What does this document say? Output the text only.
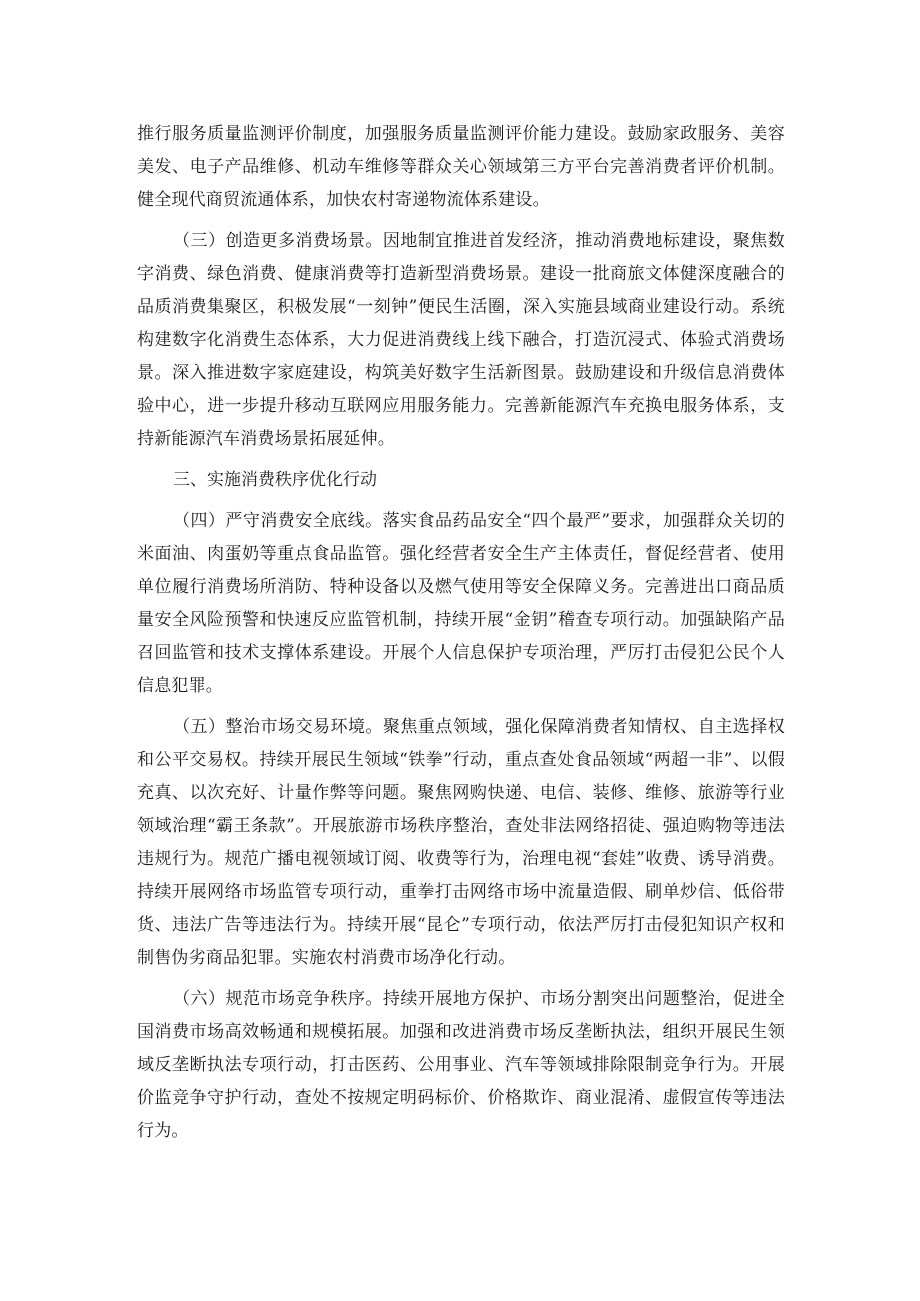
推行服务质量监测评价制度，加强服务质量监测评价能力建设。鼓励家政服务、美容美发、电子产品维修、机动车维修等群众关心领域第三方平台完善消费者评价机制。健全现代商贸流通体系，加快农村寄递物流体系建设。

（三）创造更多消费场景。因地制宜推进首发经济，推动消费地标建设，聚焦数字消费、绿色消费、健康消费等打造新型消费场景。建设一批商旅文体健深度融合的品质消费集聚区，积极发展“一刻钟”便民生活圈，深入实施县域商业建设行动。系统构建数字化消费生态体系，大力促进消费线上线下融合，打造沉浸式、体验式消费场景。深入推进数字家庭建设，构筑美好数字生活新图景。鼓励建设和升级信息消费体验中心，进一步提升移动互联网应用服务能力。完善新能源汽车充换电服务体系，支持新能源汽车消费场景拓展延伸。

三、实施消费秩序优化行动

（四）严守消费安全底线。落实食品药品安全“四个最严”要求，加强群众关切的米面油、肉蛋奶等重点食品监管。强化经营者安全生产主体责任，督促经营者、使用单位履行消费场所消防、特种设备以及燃气使用等安全保障义务。完善进出口商品质量安全风险预警和快速反应监管机制，持续开展“金钥”稽查专项行动。加强缺陷产品召回监管和技术支撑体系建设。开展个人信息保护专项治理，严厉打击侵犯公民个人信息犯罪。

（五）整治市场交易环境。聚焦重点领域，强化保障消费者知情权、自主选择权和公平交易权。持续开展民生领域“铁拳”行动，重点查处食品领域“两超一非”、以假充真、以次充好、计量作弊等问题。聚焦网购快递、电信、装修、维修、旅游等行业领域治理“霸王条款”。开展旅游市场秩序整治，查处非法网络招徒、强迫购物等违法违规行为。规范广播电视领域订阅、收费等行为，治理电视“套娃”收费、诱导消费。持续开展网络市场监管专项行动，重拳打击网络市场中流量造假、刷单炒信、低俗带货、违法广告等违法行为。持续开展“昆仑”专项行动，依法严厉打击侵犯知识产权和制售伪劣商品犯罪。实施农村消费市场净化行动。

（六）规范市场竞争秩序。持续开展地方保护、市场分割突出问题整治，促进全国消费市场高效畅通和规模拓展。加强和改进消费市场反垄断执法，组织开展民生领域反垄断执法专项行动，打击医药、公用事业、汽车等领域排除限制竞争行为。开展价监竞争守护行动，查处不按规定明码标价、价格欺诈、商业混淆、虚假宣传等违法行为。
